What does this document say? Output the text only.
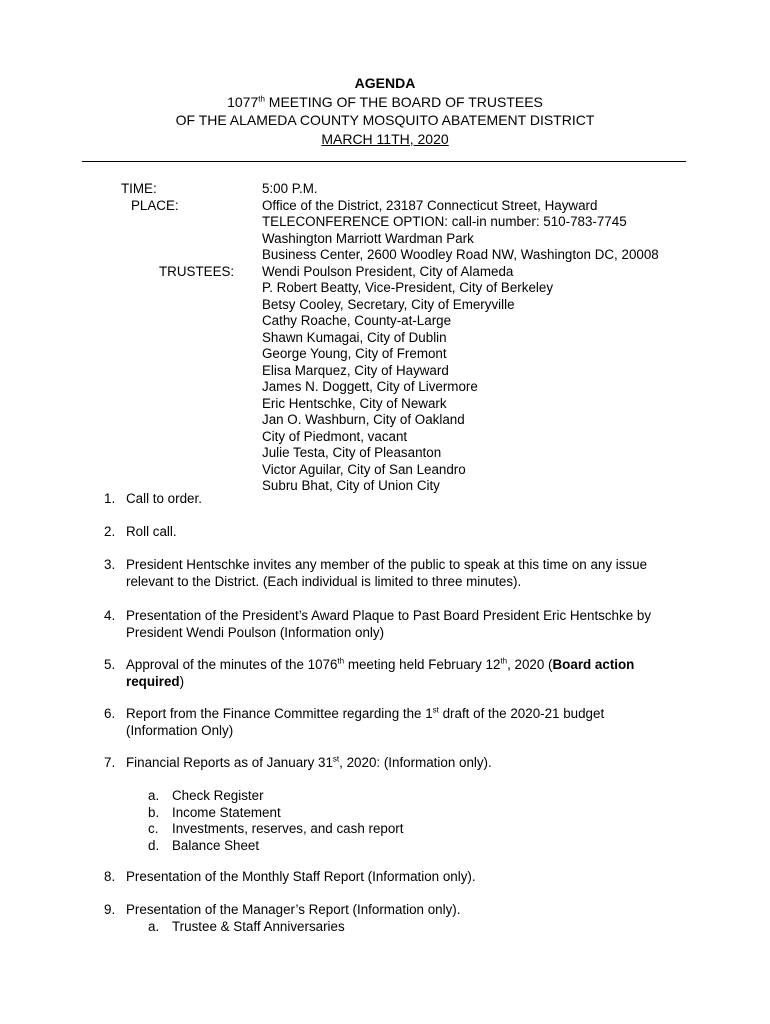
AGENDA
1077th MEETING OF THE BOARD OF TRUSTEES
OF THE ALAMEDA COUNTY MOSQUITO ABATEMENT DISTRICT
MARCH 11TH, 2020
TIME:	5:00 P.M.
PLACE:	Office of the District, 23187 Connecticut Street, Hayward
TELECONFERENCE OPTION: call-in number: 510-783-7745
Washington Marriott Wardman Park
Business Center, 2600 Woodley Road NW, Washington DC, 20008
TRUSTEES: Wendi Poulson President, City of Alameda
P. Robert Beatty, Vice-President, City of Berkeley
Betsy Cooley, Secretary, City of Emeryville
Cathy Roache, County-at-Large
Shawn Kumagai, City of Dublin
George Young, City of Fremont
Elisa Marquez, City of Hayward
James N. Doggett, City of Livermore
Eric Hentschke, City of Newark
Jan O. Washburn, City of Oakland
City of Piedmont, vacant
Julie Testa, City of Pleasanton
Victor Aguilar, City of San Leandro
Subru Bhat, City of Union City
1. Call to order.
2. Roll call.
3. President Hentschke invites any member of the public to speak at this time on any issue
relevant to the District. (Each individual is limited to three minutes).
4. Presentation of the President’s Award Plaque to Past Board President Eric Hentschke by
President Wendi Poulson (Information only)
5. Approval of the minutes of the 1076th meeting held February 12th, 2020 (Board action
required)
6. Report from the Finance Committee regarding the 1st draft of the 2020-21 budget
(Information Only)
7. Financial Reports as of January 31st, 2020: (Information only).
a. Check Register
b. Income Statement
c. Investments, reserves, and cash report
d. Balance Sheet
8. Presentation of the Monthly Staff Report (Information only).
9. Presentation of the Manager’s Report (Information only).
a. Trustee & Staff Anniversaries
